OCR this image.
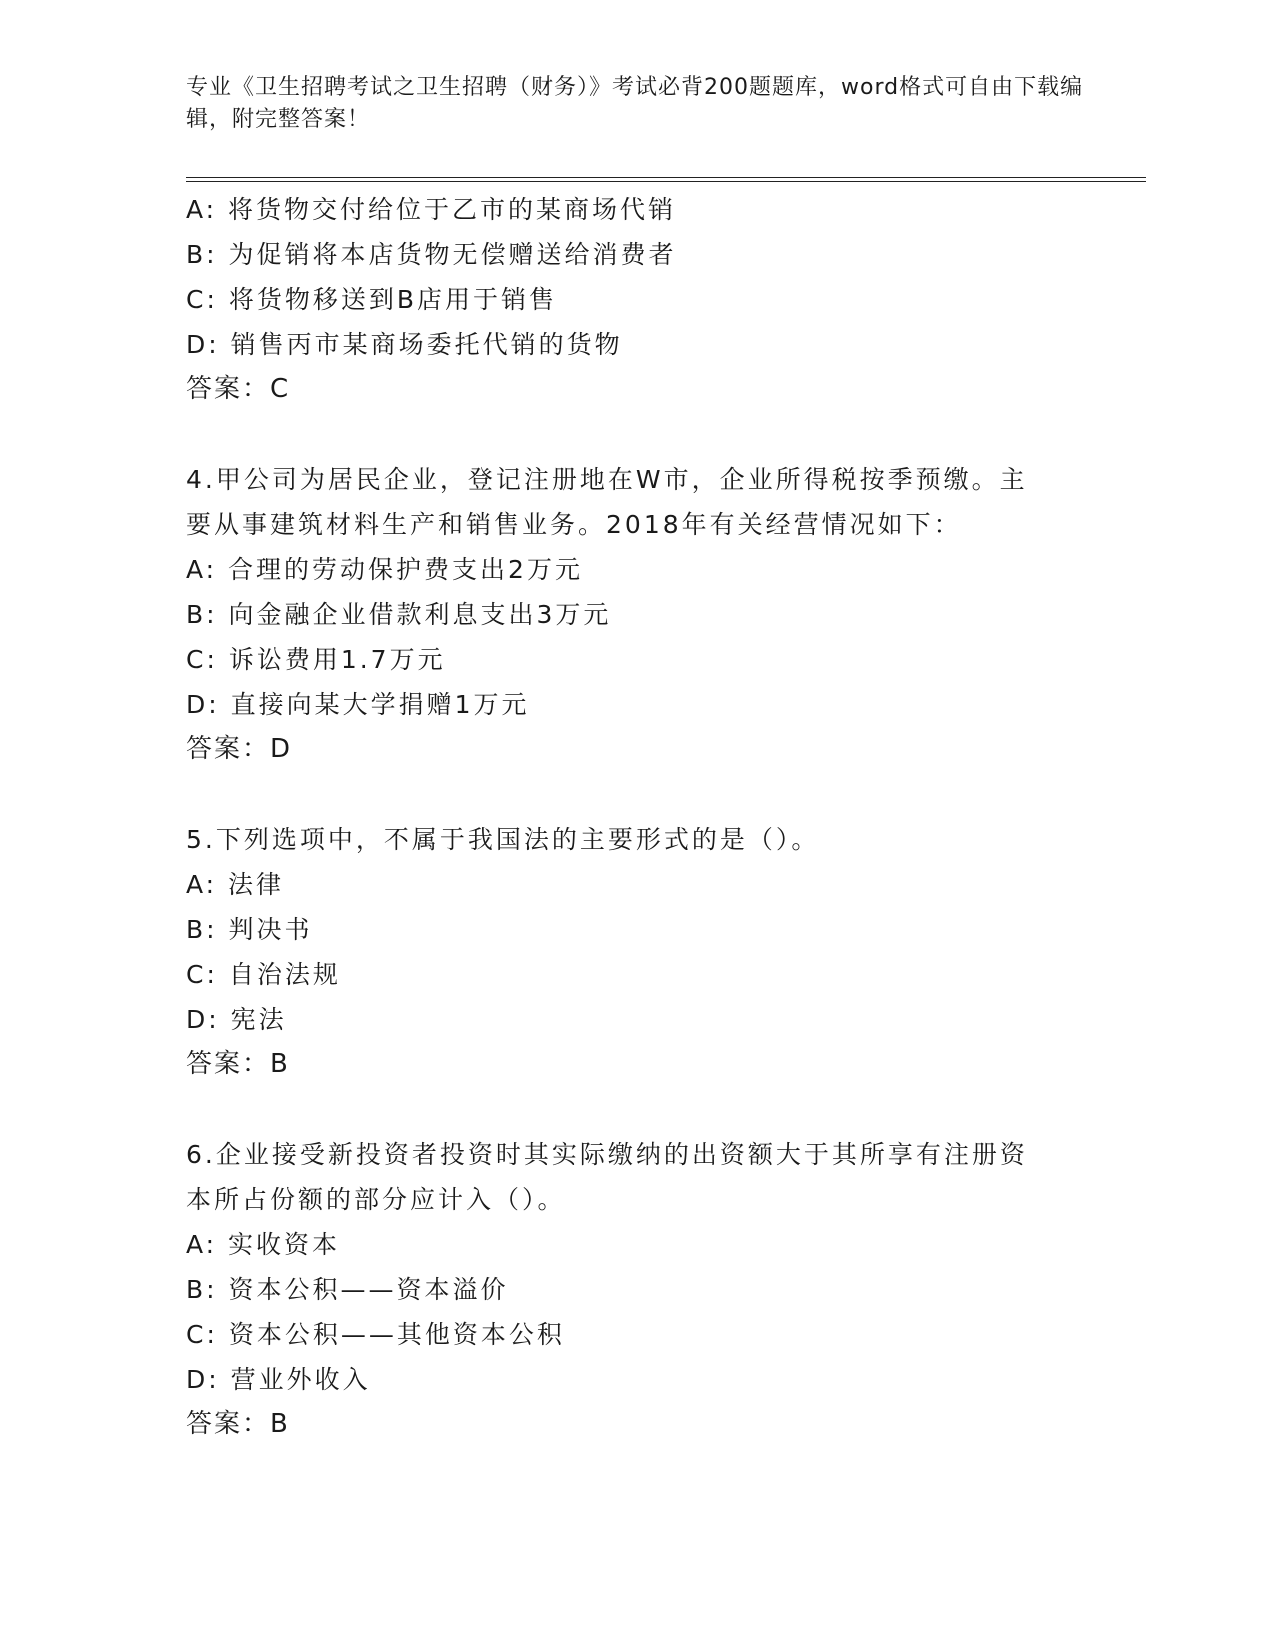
专业《卫生招聘考试之卫生招聘（财务）》考试必背200题题库，word格式可自由下载编辑，附完整答案！
A: 将货物交付给位于乙市的某商场代销
B: 为促销将本店货物无偿赠送给消费者
C: 将货物移送到B店用于销售
D: 销售丙市某商场委托代销的货物
答案：C
4.甲公司为居民企业，登记注册地在W市，企业所得税按季预缴。主
要从事建筑材料生产和销售业务。2018年有关经营情况如下：
A: 合理的劳动保护费支出2万元
B: 向金融企业借款利息支出3万元
C: 诉讼费用1.7万元
D: 直接向某大学捐赠1万元
答案：D
5.下列选项中，不属于我国法的主要形式的是（）。
A: 法律
B: 判决书
C: 自治法规
D: 宪法
答案：B
6.企业接受新投资者投资时其实际缴纳的出资额大于其所享有注册资
本所占份额的部分应计入（）。
A: 实收资本
B: 资本公积——资本溢价
C: 资本公积——其他资本公积
D: 营业外收入
答案：B
